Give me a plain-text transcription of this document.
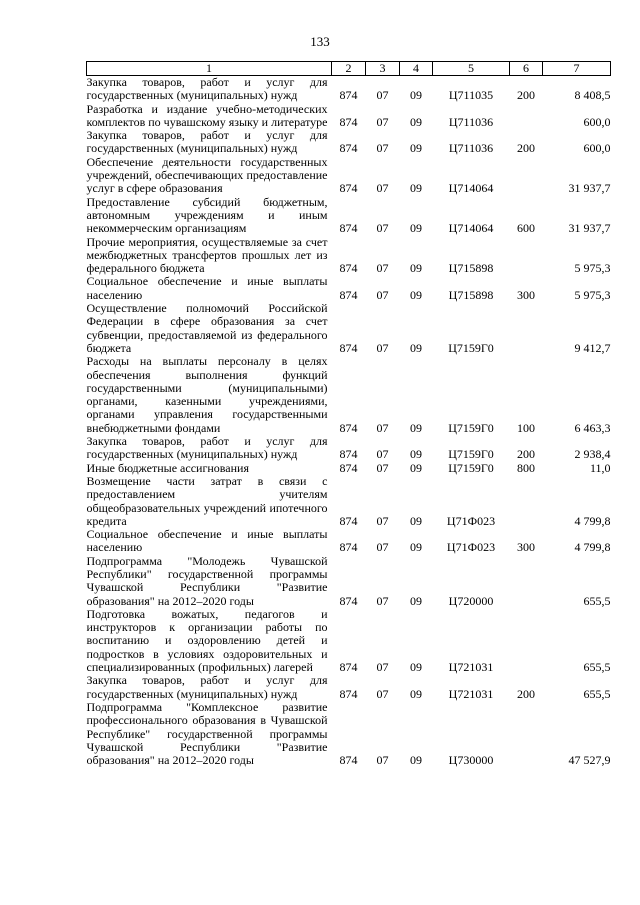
133
1	2	3	4	5	6	7
Закупка товаров, работ и услуг для государственных (муниципальных) нужд	874	07	09	Ц711035	200	8 408,5
Разработка и издание учебно-методических комплектов по чувашскому языку и литературе	874	07	09	Ц711036		600,0
Закупка товаров, работ и услуг для государственных (муниципальных) нужд	874	07	09	Ц711036	200	600,0
Обеспечение деятельности государственных учреждений, обеспечивающих предоставление услуг в сфере образования	874	07	09	Ц714064		31 937,7
Предоставление субсидий бюджетным, автономным учреждениям и иным некоммерческим организациям	874	07	09	Ц714064	600	31 937,7
Прочие мероприятия, осуществляемые за счет межбюджетных трансфертов прошлых лет из федерального бюджета	874	07	09	Ц715898		5 975,3
Социальное обеспечение и иные выплаты населению	874	07	09	Ц715898	300	5 975,3
Осуществление полномочий Российской Федерации в сфере образования за счет субвенции, предоставляемой из федерального бюджета	874	07	09	Ц7159Г0		9 412,7
Расходы на выплаты персоналу в целях обеспечения выполнения функций государственными (муниципальными) органами, казенными учреждениями, органами управления государственными внебюджетными фондами	874	07	09	Ц7159Г0	100	6 463,3
Закупка товаров, работ и услуг для государственных (муниципальных) нужд	874	07	09	Ц7159Г0	200	2 938,4
Иные бюджетные ассигнования	874	07	09	Ц7159Г0	800	11,0
Возмещение части затрат в связи с предоставлением учителям общеобразовательных учреждений ипотечного кредита	874	07	09	Ц71Ф023		4 799,8
Социальное обеспечение и иные выплаты населению	874	07	09	Ц71Ф023	300	4 799,8
Подпрограмма "Молодежь Чувашской Республики" государственной программы Чувашской Республики "Развитие образования" на 2012–2020 годы	874	07	09	Ц720000		655,5
Подготовка вожатых, педагогов и инструкторов к организации работы по воспитанию и оздоровлению детей и подростков в условиях оздоровительных и специализированных (профильных) лагерей	874	07	09	Ц721031		655,5
Закупка товаров, работ и услуг для государственных (муниципальных) нужд	874	07	09	Ц721031	200	655,5
Подпрограмма "Комплексное развитие профессионального образования в Чувашской Республике" государственной программы Чувашской Республики "Развитие образования" на 2012–2020 годы	874	07	09	Ц730000		47 527,9
